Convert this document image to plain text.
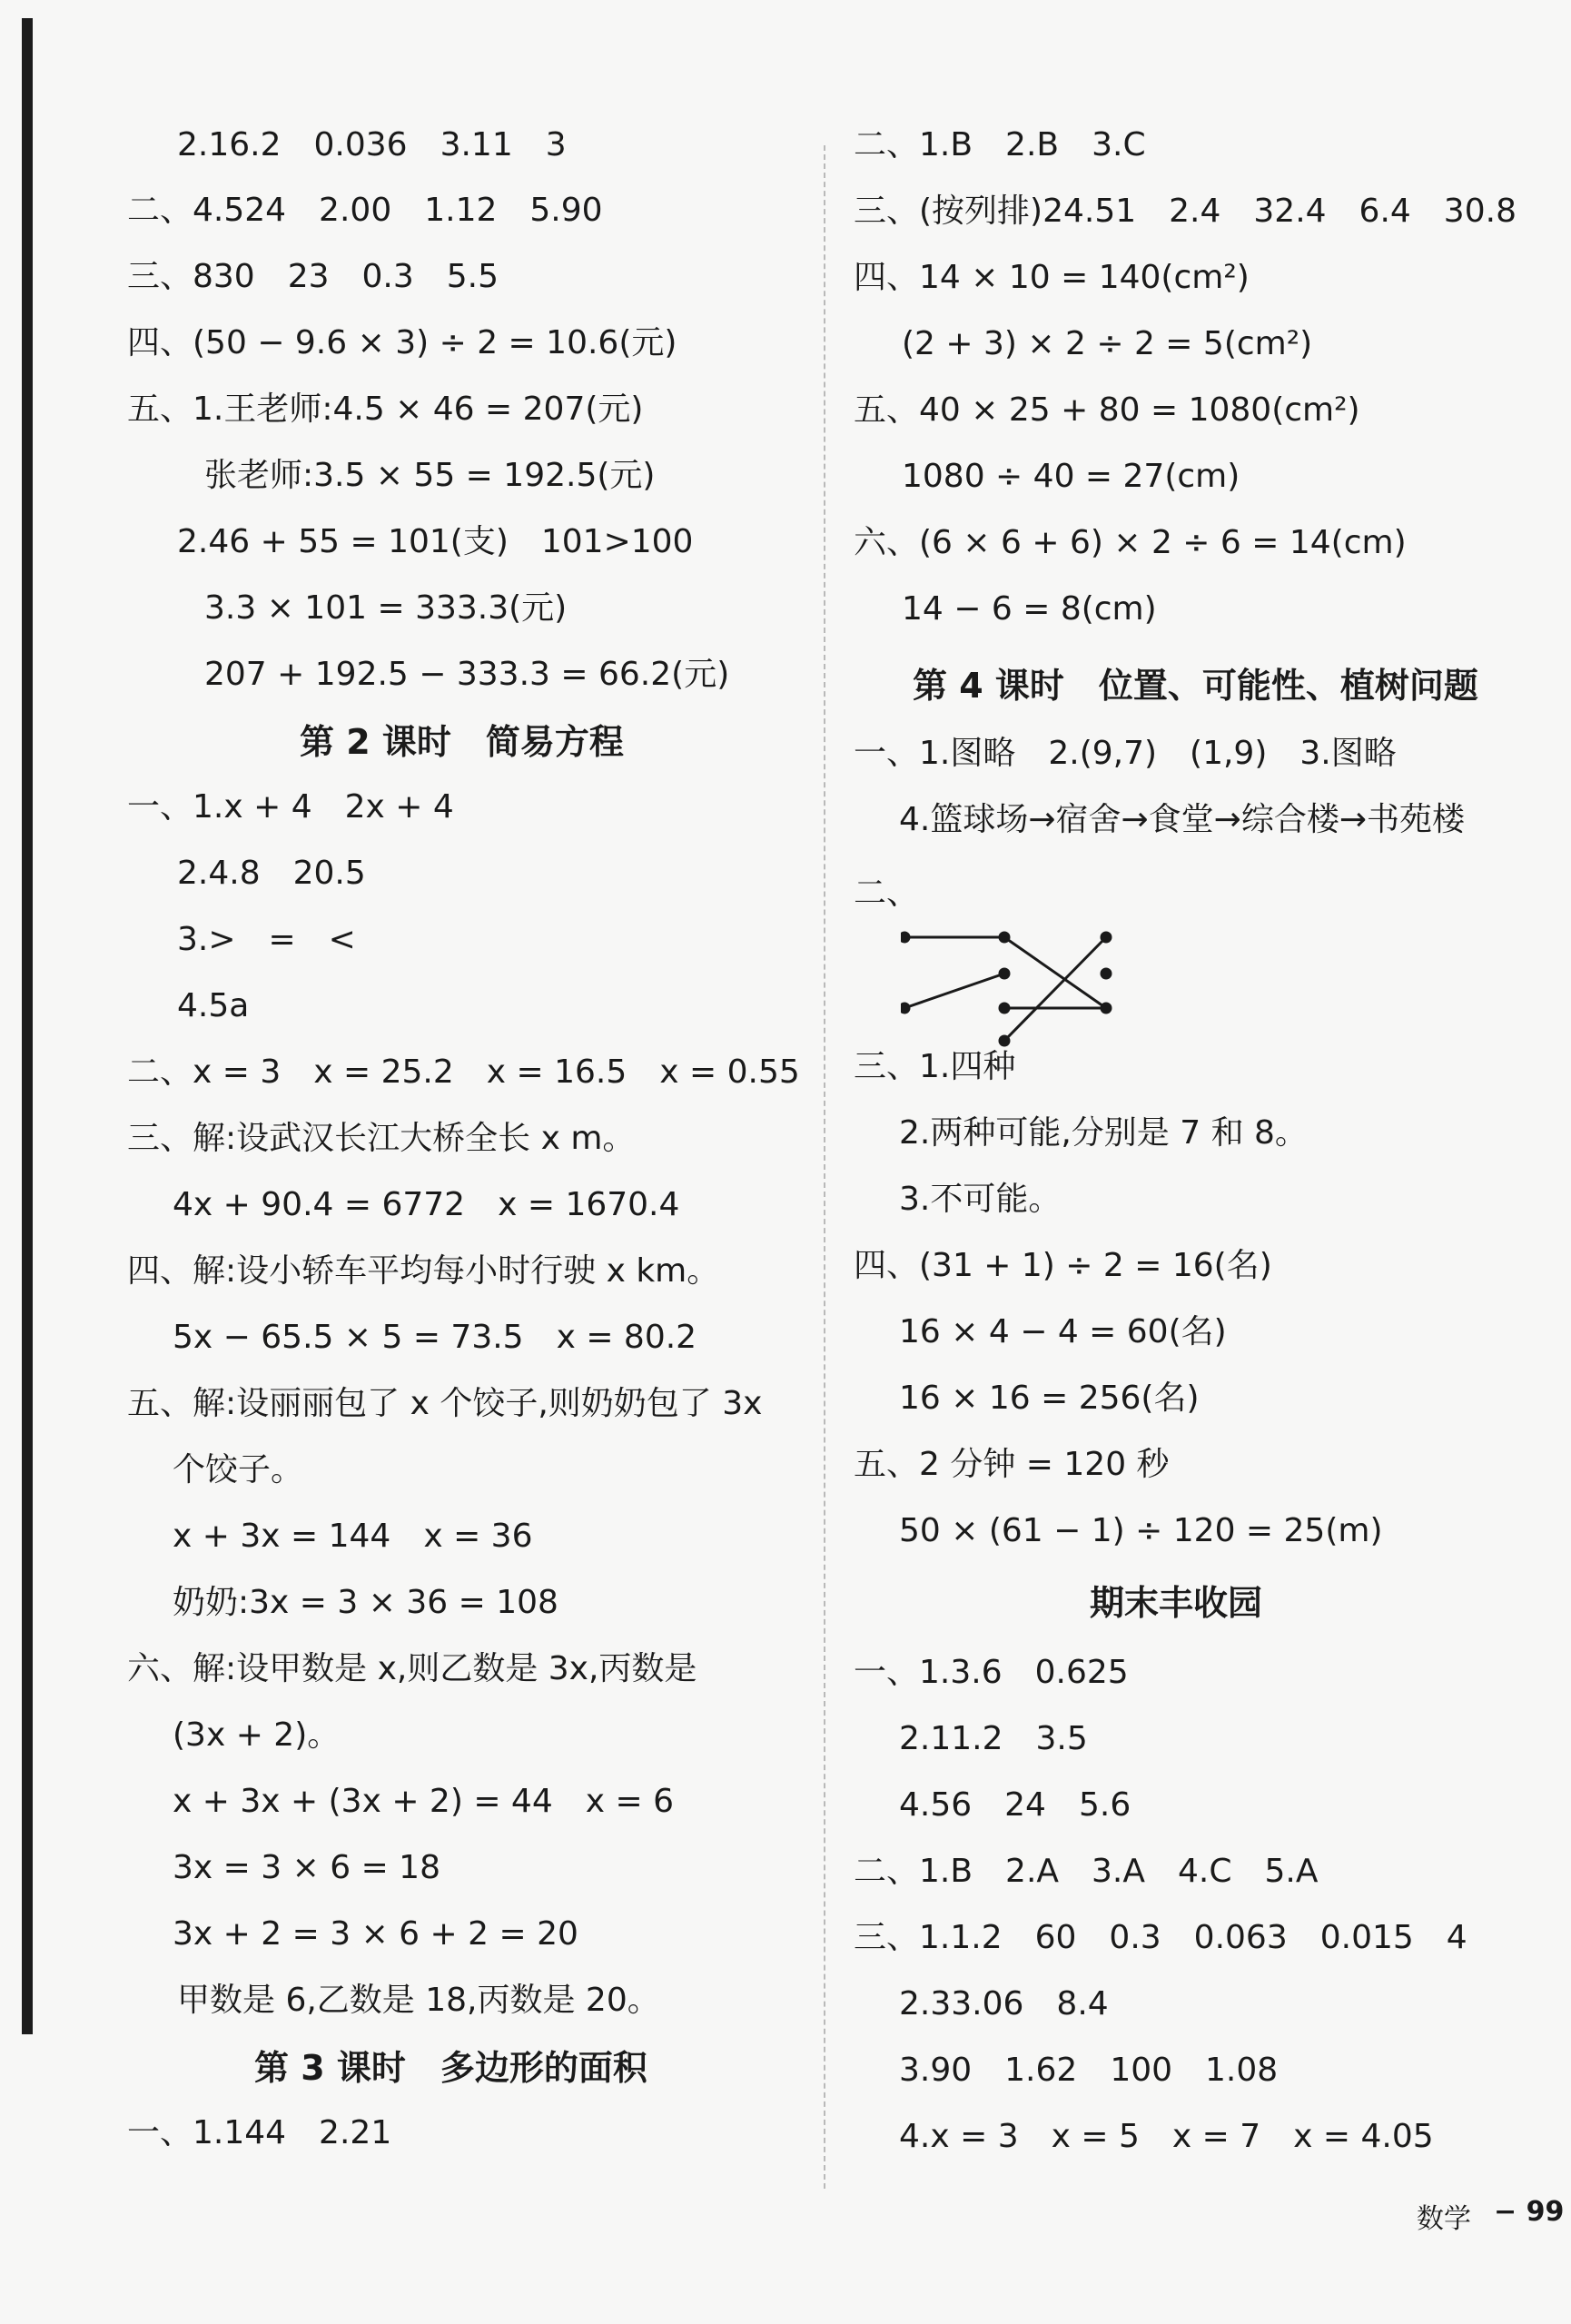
2.16.2　0.036　3.11　3
二、4.524　2.00　1.12　5.90
三、830　23　0.3　5.5
四、(50 − 9.6 × 3) ÷ 2 = 10.6(元)
五、1.王老师:4.5 × 46 = 207(元)
张老师:3.5 × 55 = 192.5(元)
2.46 + 55 = 101(支)　101>100
3.3 × 101 = 333.3(元)
207 + 192.5 − 333.3 = 66.2(元)
第 2 课时　简易方程
一、1.x + 4　2x + 4
2.4.8　20.5
3.>　=　<
4.5a
二、x = 3　x = 25.2　x = 16.5　x = 0.55
三、解:设武汉长江大桥全长 x m。
4x + 90.4 = 6772　x = 1670.4
四、解:设小轿车平均每小时行驶 x km。
5x − 65.5 × 5 = 73.5　x = 80.2
五、解:设丽丽包了 x 个饺子,则奶奶包了 3x
个饺子。
x + 3x = 144　x = 36
奶奶:3x = 3 × 36 = 108
六、解:设甲数是 x,则乙数是 3x,丙数是
(3x + 2)。
x + 3x + (3x + 2) = 44　x = 6
3x = 3 × 6 = 18
3x + 2 = 3 × 6 + 2 = 20
甲数是 6,乙数是 18,丙数是 20。
第 3 课时　多边形的面积
一、1.144　2.21
二、1.B　2.B　3.C
三、(按列排)24.51　2.4　32.4　6.4　30.8
四、14 × 10 = 140(cm²)
(2 + 3) × 2 ÷ 2 = 5(cm²)
五、40 × 25 + 80 = 1080(cm²)
1080 ÷ 40 = 27(cm)
六、(6 × 6 + 6) × 2 ÷ 6 = 14(cm)
14 − 6 = 8(cm)
第 4 课时　位置、可能性、植树问题
一、1.图略　2.(9,7)　(1,9)　3.图略
4.篮球场→宿舍→食堂→综合楼→书苑楼
二、
三、1.四种
2.两种可能,分别是 7 和 8。
3.不可能。
四、(31 + 1) ÷ 2 = 16(名)
16 × 4 − 4 = 60(名)
16 × 16 = 256(名)
五、2 分钟 = 120 秒
50 × (61 − 1) ÷ 120 = 25(m)
期末丰收园
一、1.3.6　0.625
2.11.2　3.5
4.56　24　5.6
二、1.B　2.A　3.A　4.C　5.A
三、1.1.2　60　0.3　0.063　0.015　4
2.33.06　8.4
3.90　1.62　100　1.08
4.x = 3　x = 5　x = 7　x = 4.05
数学 − 99
